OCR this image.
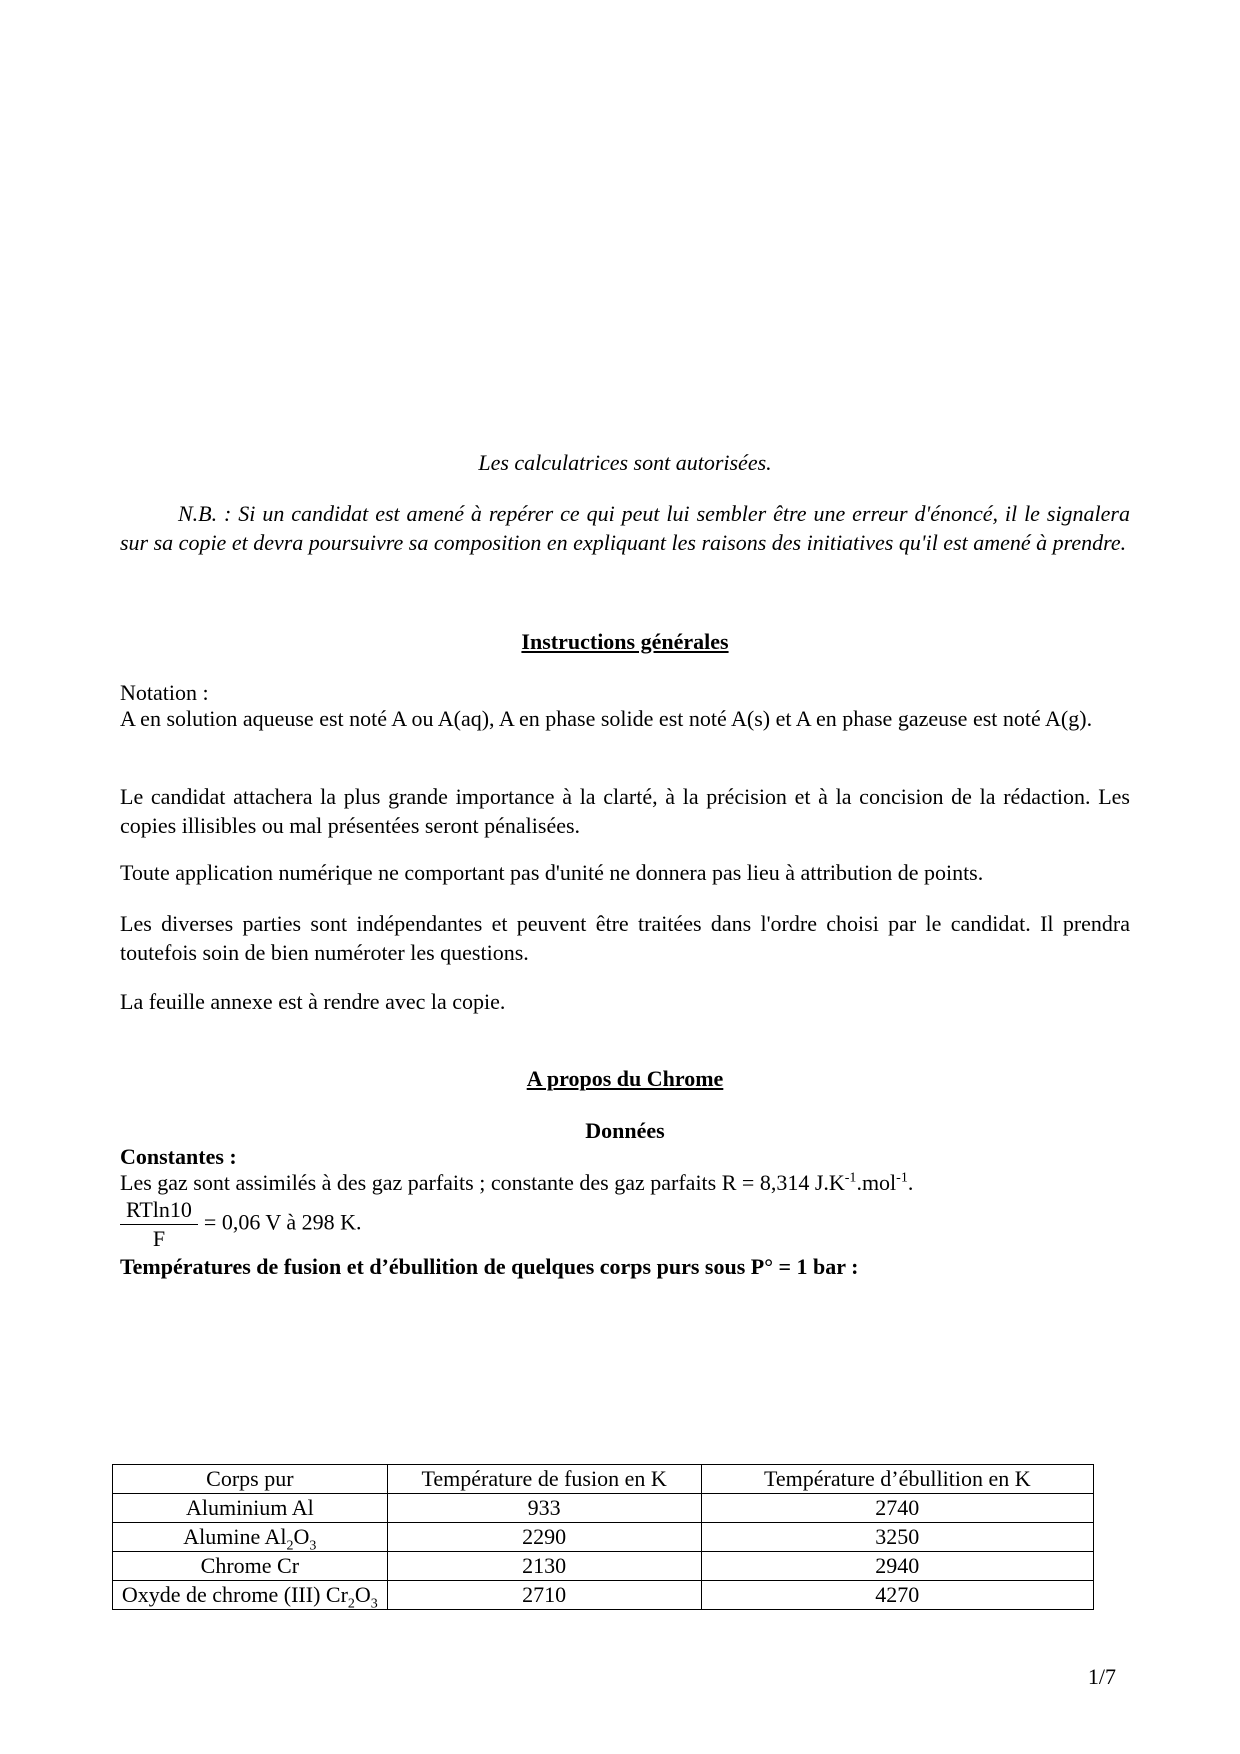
Les calculatrices sont autorisées.

N.B. : Si un candidat est amené à repérer ce qui peut lui sembler être une erreur d'énoncé, il le signalera sur sa copie et devra poursuivre sa composition en expliquant les raisons des initiatives qu'il est amené à prendre.

Instructions générales

Notation :

A en solution aqueuse est noté A ou A(aq), A en phase solide est noté A(s) et A en phase gazeuse est noté A(g).

Le candidat attachera la plus grande importance à la clarté, à la précision et à la concision de la rédaction. Les copies illisibles ou mal présentées seront pénalisées.

Toute application numérique ne comportant pas d'unité ne donnera pas lieu à attribution de points.

Les diverses parties sont indépendantes et peuvent être traitées dans l'ordre choisi par le candidat. Il prendra toutefois soin de bien numéroter les questions.

La feuille annexe est à rendre avec la copie.

A propos du Chrome

Données

Constantes :

Les gaz sont assimilés à des gaz parfaits ; constante des gaz parfaits R = 8,314 $J.K^{-1}.mol^{-1}$.

$\frac{RTln10}{F} = 0,06$ V à 298 K.

Températures de fusion et d’ébullition de quelques corps purs sous P° = 1 bar :

Corps pur	Température de fusion en K	Température d’ébullition en K
Aluminium Al	933	2740
Alumine $Al_2O_3$	2290	3250
Chrome Cr	2130	2940
Oxyde de chrome (III) $Cr_2O_3$	2710	4270
1/7
